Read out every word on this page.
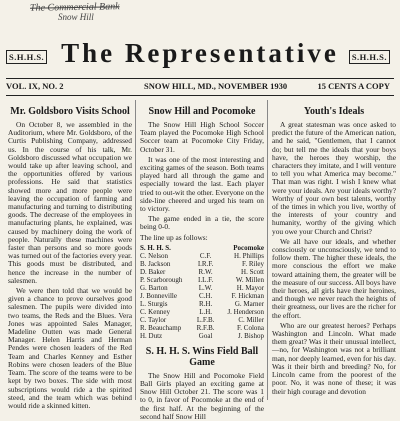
The Commercial Bank
Snow Hill
S.H.H.S. The Representative	S.H.H.S.
VOL. IX, NO. 2	SNOW HILL, MD., NOVEMBER 1930	15 CENTS A COPY
Mr. Goldsboro Visits School

On October 8, we assembled in the Auditorium, where Mr. Goldsboro, of the Curtis Publishing Company, addressed us. In the course of his talk, Mr. Goldsboro discussed what occupation we would take up after leaving school, and the opportunities offered by various professions. He said that statistics showed more and more people were leaving the occupation of farming and manufacturing and turning to distributing goods. The decrease of the employees in manufacturing plants, he explained, was caused by machinery doing the work of people. Naturally these machines were faster than persons and so more goods was turned out of the factories every year. This goods must be distributed, and hence the increase in the number of salesmen.

We were then told that we would be given a chance to prove ourselves good salesmen. The pupils were divided into two teams, the Reds and the Blues. Vera Jones was appointed Sales Manager, Madeline Outten was made General Manager. Helen Harris and Herman Pendes were chosen leaders of the Red Team and Charles Kenney and Esther Robins were chosen leaders of the Blue Team. The score of the teams were to be kept by two boxes. The side with most subscriptions would ride a the spirited steed, and the team which was behind would ride a skinned kitten.

Snow Hill and Pocomoke

The Snow Hill High School Soccer Team played the Pocomoke High School Soccer team at Pocomoke City Friday, October 31.

It was one of the most interesting and exciting games of the season. Both teams played hard all through the game and especially toward the last. Each player tried to out-wit the other. Everyone on the side-line cheered and urged his team on to victory.

The game ended in a tie, the score being 0-0.

The line up as follows:

S. H. H. S.		Pocomoke
C. Nelson	C.F.	H. Phillips
B. Jackson	I.R.F.	F. Riley
D. Baker	R.W.	H. Scott
P. Scarborough	I.L.F.	W. Millen
G. Barton	L.W.	H. Mayor
J. Bonneville	C.H.	F. Hickman
L. Sturgis	R.H.	G. Marner
C. Kenney	L.H.	J. Henderson
C. Taylor	L.F.B.	C. Miller
R. Beauchamp	R.F.B.	F. Colona
H. Dutz	Goal	J. Bishop
S. H. H. S. Wins Field Ball Game

The Snow Hill and Pocomoke Field Ball Girls played an exciting game at Snow Hill October 21. The score was 1 to 0, in favor of Pocomoke at the end of the first half. At the beginning of the second half Snow Hill

Youth's Ideals

A great statesman was once asked to predict the future of the American nation, and he said, "Gentlemen, that I cannot do; but tell me the ideals that your boys have, the heroes they worship, the characters they imitate, and I will venture to tell you what America may become." That man was right. I wish I knew what were your ideals. Are your ideals worthy? Worthy of your own best talents, worthy of the times in which you live, worthy of the interests of your country and humanity, worthy of the giving which you owe your Church and Christ?

We all have our ideals, and whether consciously or unconsciously, we tend to follow them. The higher these ideals, the more conscious the effort we make toward attaining them, the greater will be the measure of our success. All boys have their heroes, all girls have their heroines, and though we never reach the heights of their greatness, our lives are the richer for the effort.

Who are our greatest heroes? Perhaps Washington and Lincoln. What made them great? Was it their unusual intellect,—no, for Washington was not a brilliant man, nor deeply learned, even for his day. Was it their birth and breeding? No, for Lincoln came from the poorest of the poor. No, it was none of these; it was their high courage and devotion
